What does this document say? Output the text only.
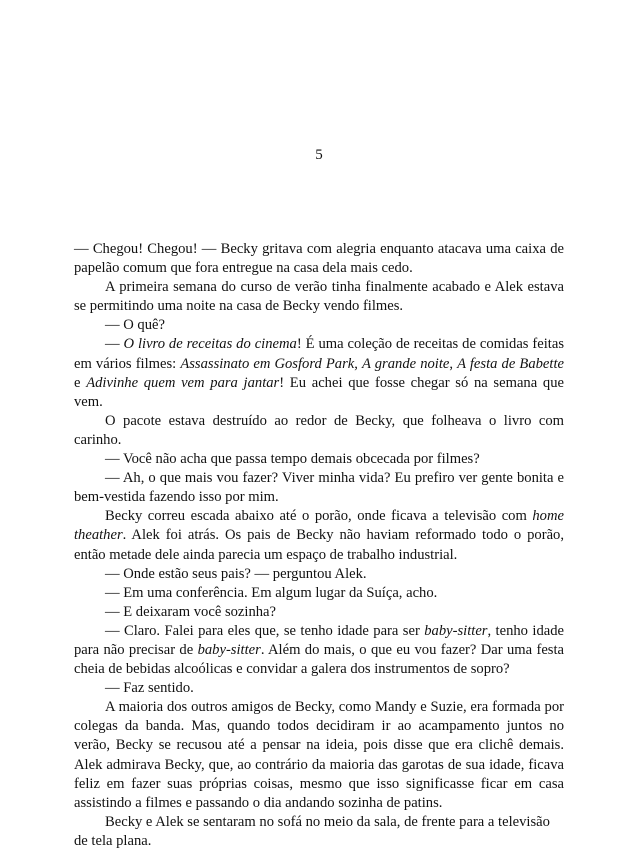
5

— Chegou! Chegou! — Becky gritava com alegria enquanto atacava uma caixa de papelão comum que fora entregue na casa dela mais cedo.

A primeira semana do curso de verão tinha finalmente acabado e Alek estava se permitindo uma noite na casa de Becky vendo filmes.

— O quê?

— O livro de receitas do cinema! É uma coleção de receitas de comidas feitas em vários filmes: Assassinato em Gosford Park, A grande noite, A festa de Babette e Adivinhe quem vem para jantar! Eu achei que fosse chegar só na semana que vem.

O pacote estava destruído ao redor de Becky, que folheava o livro com carinho.

— Você não acha que passa tempo demais obcecada por filmes?

— Ah, o que mais vou fazer? Viver minha vida? Eu prefiro ver gente bonita e bem-vestida fazendo isso por mim.

Becky correu escada abaixo até o porão, onde ficava a televisão com home theather. Alek foi atrás. Os pais de Becky não haviam reformado todo o porão, então metade dele ainda parecia um espaço de trabalho industrial.

— Onde estão seus pais? — perguntou Alek.

— Em uma conferência. Em algum lugar da Suíça, acho.

— E deixaram você sozinha?

— Claro. Falei para eles que, se tenho idade para ser baby-sitter, tenho idade para não precisar de baby-sitter. Além do mais, o que eu vou fazer? Dar uma festa cheia de bebidas alcoólicas e convidar a galera dos instrumentos de sopro?

— Faz sentido.

A maioria dos outros amigos de Becky, como Mandy e Suzie, era formada por colegas da banda. Mas, quando todos decidiram ir ao acampamento juntos no verão, Becky se recusou até a pensar na ideia, pois disse que era clichê demais. Alek admirava Becky, que, ao contrário da maioria das garotas de sua idade, ficava feliz em fazer suas próprias coisas, mesmo que isso significasse ficar em casa assistindo a filmes e passando o dia andando sozinha de patins.

Becky e Alek se sentaram no sofá no meio da sala, de frente para a televisão de tela plana.
